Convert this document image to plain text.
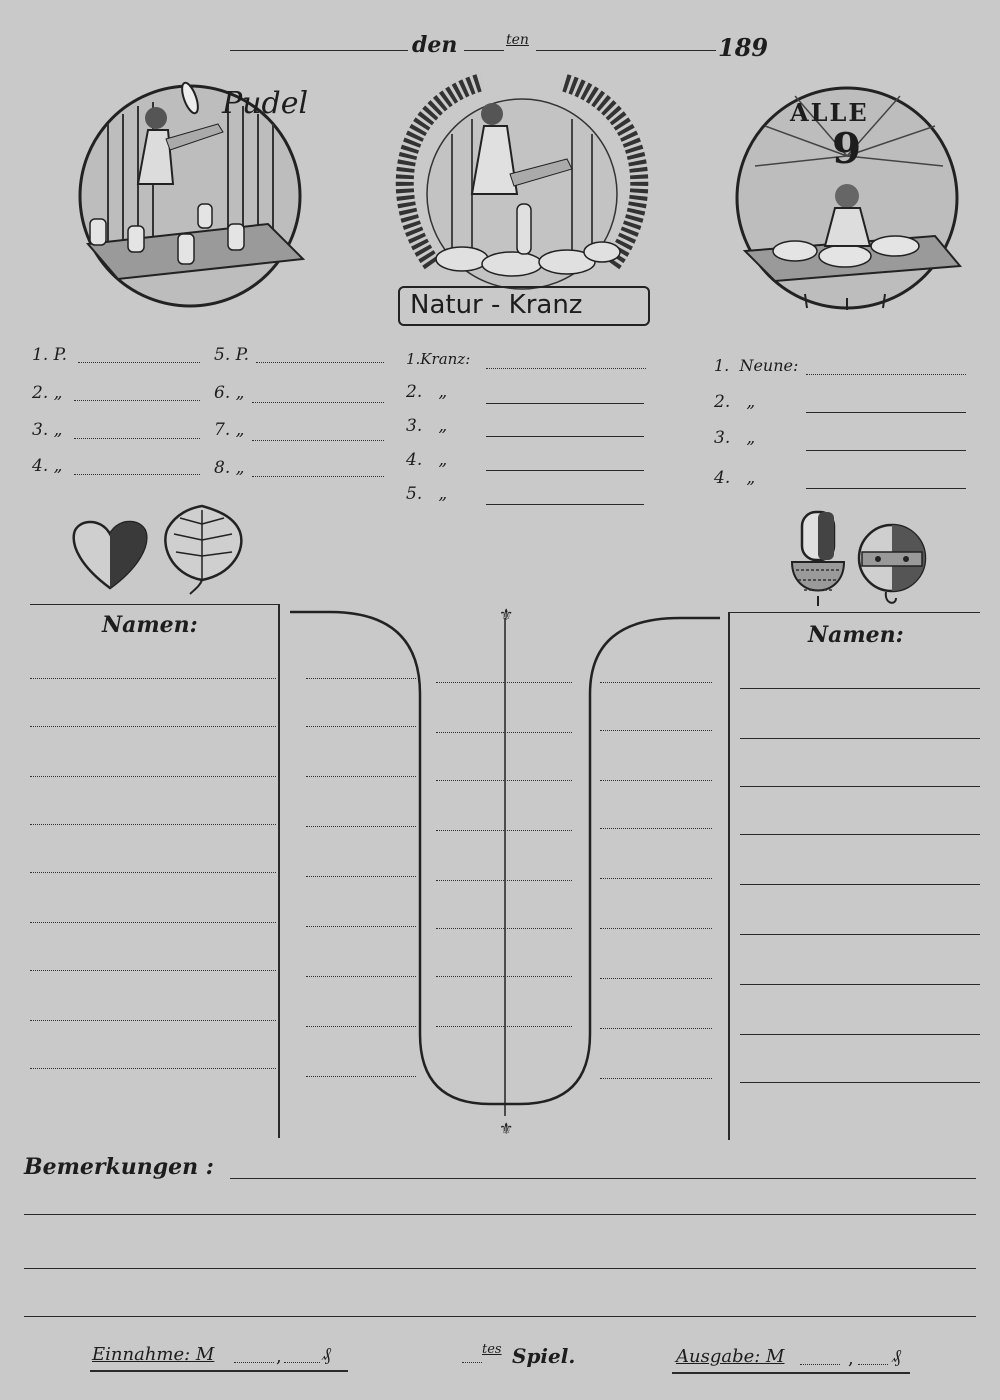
den	ten	189
Pudel
Natur - Kranz
ALLE
9
1. P.
2. „
3. „
4. „
5. P.
6. „
7. „
8. „
1.Kranz:
2.   „
3.   „
4.   „
5.   „
1.  Neune:
2.   „
3.   „
4.   „
Namen:	⚜
⚜
Namen:
Bemerkungen :
Einnahme: M	, ₰	tes Spiel.	Ausgabe: M	, ₰
